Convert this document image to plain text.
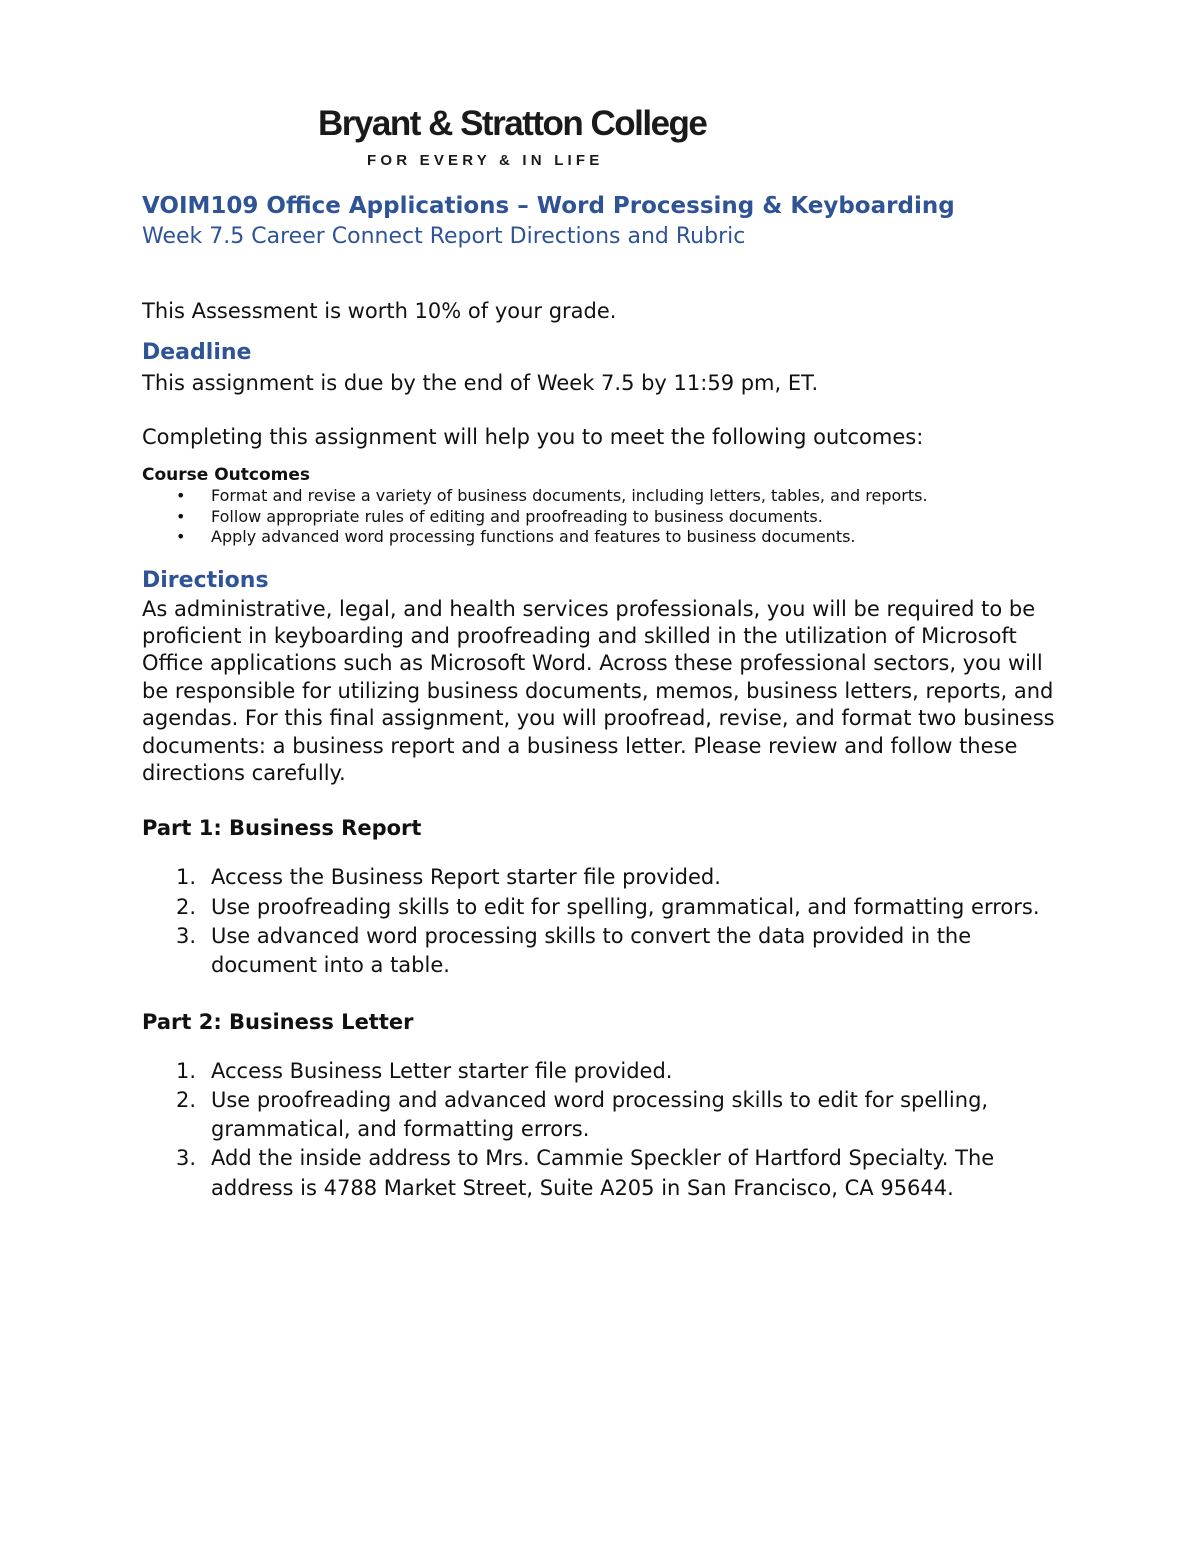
Bryant & Stratton College
FOR EVERY & IN LIFE
VOIM109 Office Applications – Word Processing & Keyboarding

Week 7.5 Career Connect Report Directions and Rubric

This Assessment is worth 10% of your grade.

Deadline

This assignment is due by the end of Week 7.5 by 11:59 pm, ET.

Completing this assignment will help you to meet the following outcomes:

Course Outcomes
• Format and revise a variety of business documents, including letters, tables, and reports.
• Follow appropriate rules of editing and proofreading to business documents.
• Apply advanced word processing functions and features to business documents.
Directions

As administrative, legal, and health services professionals, you will be required to be proficient in keyboarding and proofreading and skilled in the utilization of Microsoft Office applications such as Microsoft Word. Across these professional sectors, you will be responsible for utilizing business documents, memos, business letters, reports, and agendas. For this final assignment, you will proofread, revise, and format two business documents: a business report and a business letter. Please review and follow these directions carefully.

Part 1: Business Report
1. Access the Business Report starter file provided.
2. Use proofreading skills to edit for spelling, grammatical, and formatting errors.
3. Use advanced word processing skills to convert the data provided in the document into a table.
Part 2: Business Letter
1. Access Business Letter starter file provided.
2. Use proofreading and advanced word processing skills to edit for spelling, grammatical, and formatting errors.
3. Add the inside address to Mrs. Cammie Speckler of Hartford Specialty. The address is 4788 Market Street, Suite A205 in San Francisco, CA 95644.
